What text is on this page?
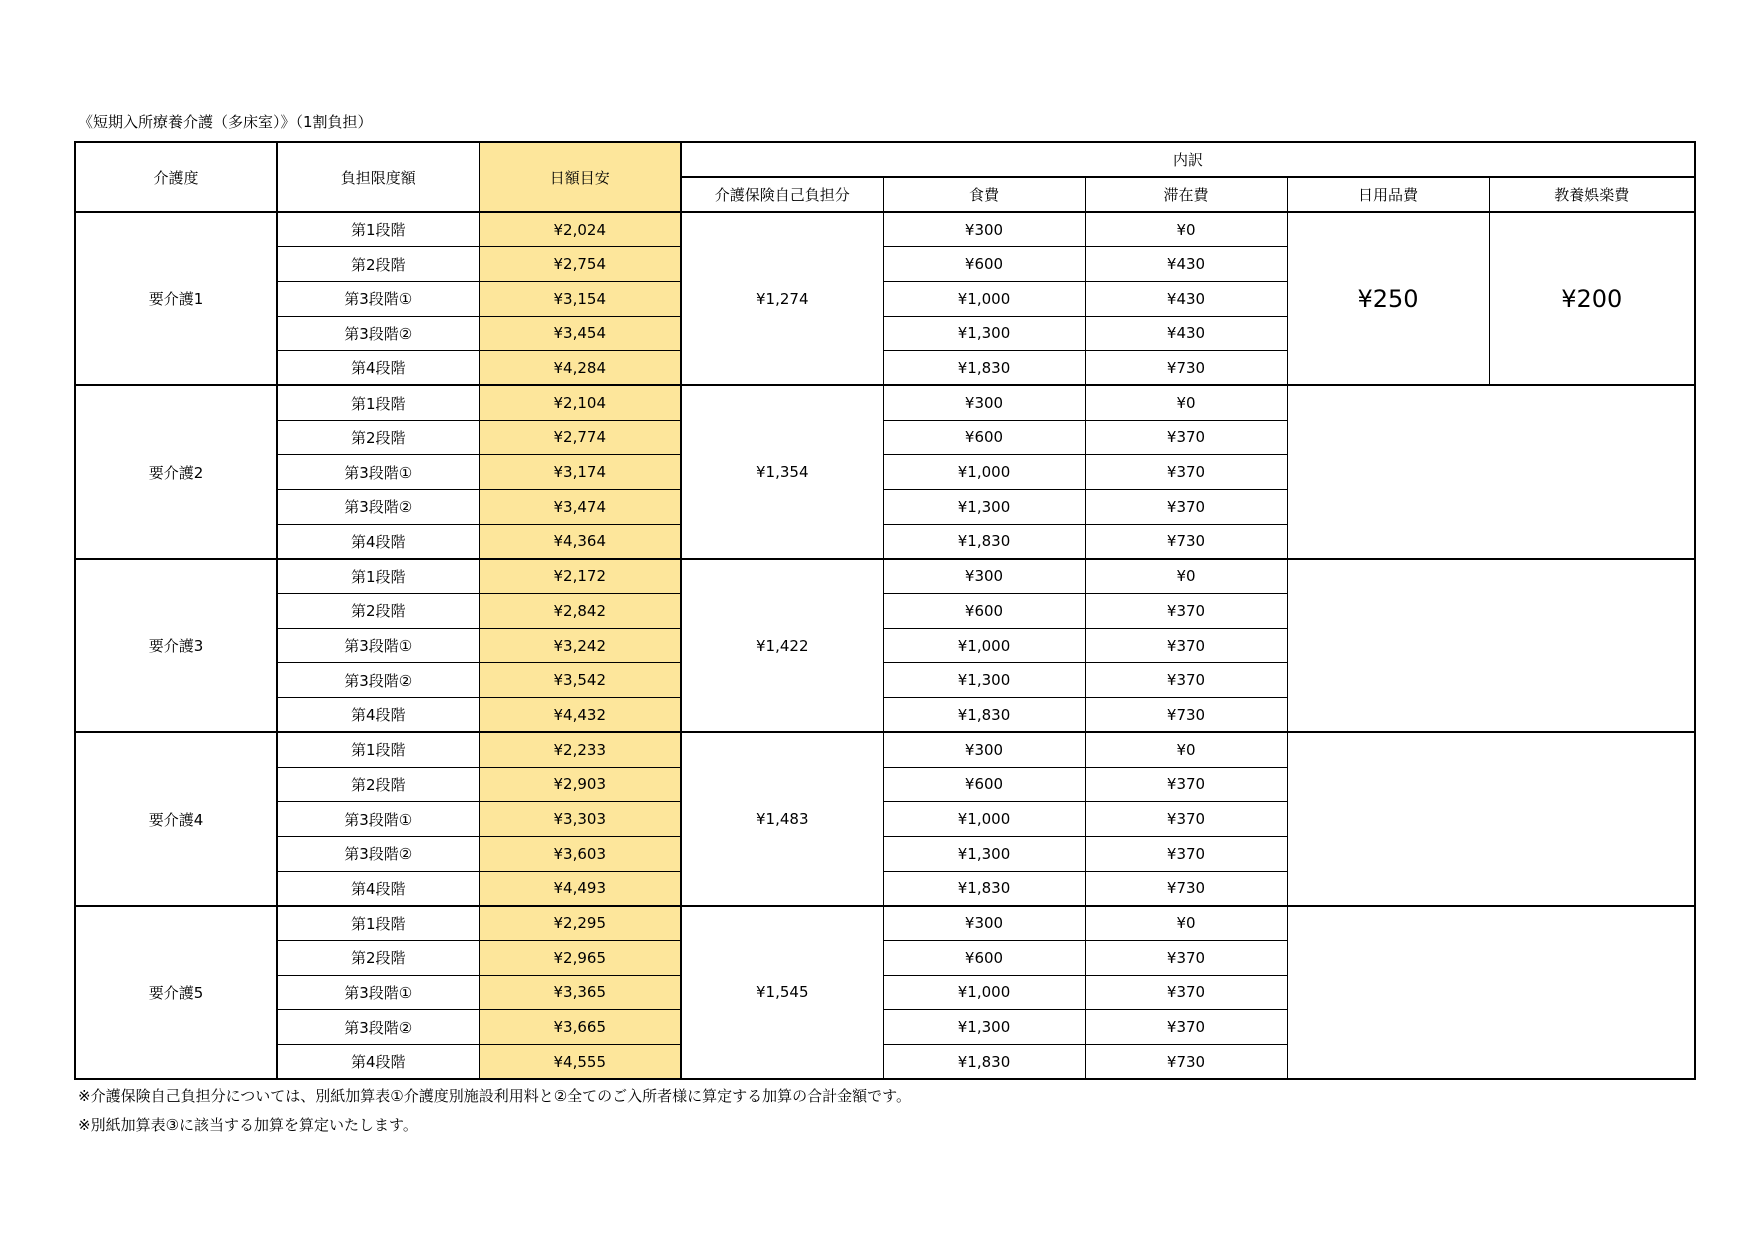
《短期入所療養介護（多床室）》（1割負担）
介護度	負担限度額	日額目安	内訳				
			介護保険自己負担分	食費	滞在費	日用品費	教養娯楽費
要介護1	第1段階	¥2,024	¥1,274	¥300	¥0	¥250	¥200
	第2段階	¥2,754		¥600	¥430		
	第3段階①	¥3,154		¥1,000	¥430		
	第3段階②	¥3,454		¥1,300	¥430		
	第4段階	¥4,284		¥1,830	¥730		
要介護2	第1段階	¥2,104	¥1,354	¥300	¥0		
	第2段階	¥2,774		¥600	¥370		
	第3段階①	¥3,174		¥1,000	¥370		
	第3段階②	¥3,474		¥1,300	¥370		
	第4段階	¥4,364		¥1,830	¥730		
要介護3	第1段階	¥2,172	¥1,422	¥300	¥0		
	第2段階	¥2,842		¥600	¥370		
	第3段階①	¥3,242		¥1,000	¥370		
	第3段階②	¥3,542		¥1,300	¥370		
	第4段階	¥4,432		¥1,830	¥730		
要介護4	第1段階	¥2,233	¥1,483	¥300	¥0		
	第2段階	¥2,903		¥600	¥370		
	第3段階①	¥3,303		¥1,000	¥370		
	第3段階②	¥3,603		¥1,300	¥370		
	第4段階	¥4,493		¥1,830	¥730		
要介護5	第1段階	¥2,295	¥1,545	¥300	¥0		
	第2段階	¥2,965		¥600	¥370		
	第3段階①	¥3,365		¥1,000	¥370		
	第3段階②	¥3,665		¥1,300	¥370		
	第4段階	¥4,555		¥1,830	¥730		
※介護保険自己負担分については、別紙加算表①介護度別施設利用料と②全てのご入所者様に算定する加算の合計金額です。
※別紙加算表③に該当する加算を算定いたします。
